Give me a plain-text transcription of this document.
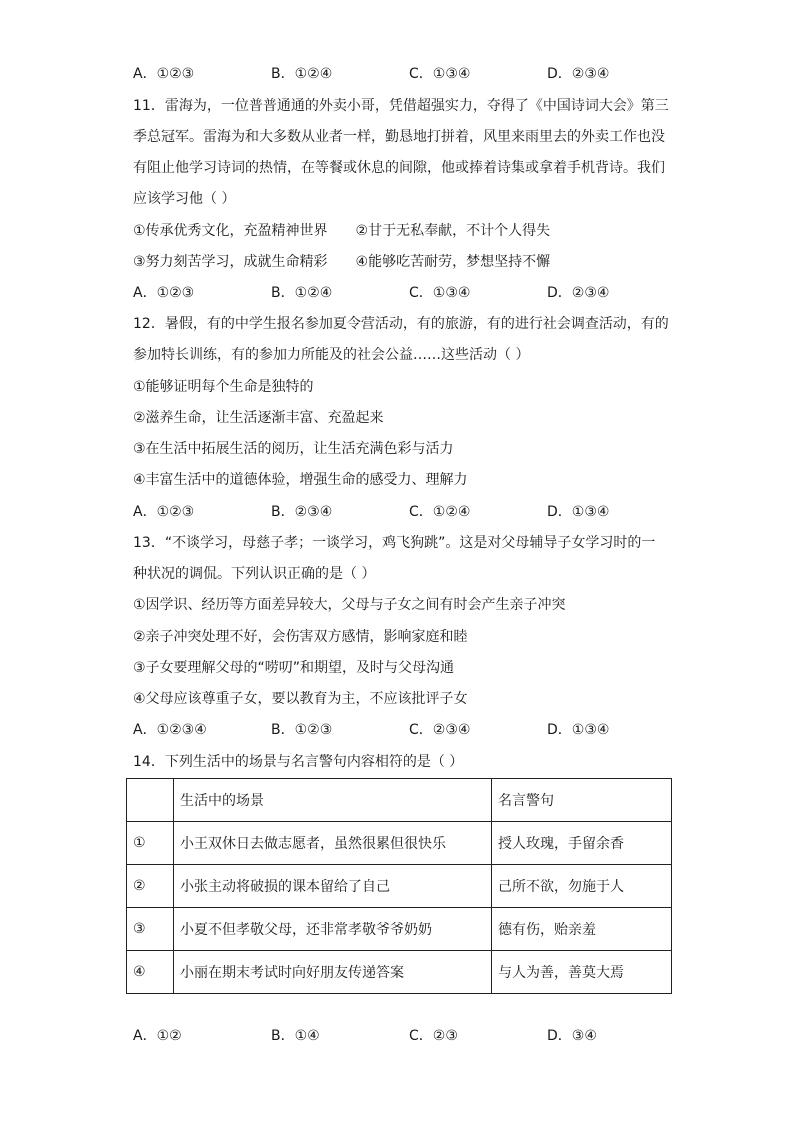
A．①②③	B．①②④	C．①③④	D．②③④
11．雷海为，一位普普通通的外卖小哥，凭借超强实力，夺得了《中国诗词大会》第三
季总冠军。雷海为和大多数从业者一样，勤恳地打拼着，风里来雨里去的外卖工作也没
有阻止他学习诗词的热情，在等餐或休息的间隙，他或捧着诗集或拿着手机背诗。我们
应该学习他（ ）
①传承优秀文化，充盈精神世界　　②甘于无私奉献，不计个人得失
③努力刻苦学习，成就生命精彩　　④能够吃苦耐劳，梦想坚持不懈
A．①②③	B．①②④	C．①③④	D．②③④
12．暑假，有的中学生报名参加夏令营活动，有的旅游，有的进行社会调查活动，有的
参加特长训练，有的参加力所能及的社会公益……这些活动（ ）
①能够证明每个生命是独特的
②滋养生命，让生活逐渐丰富、充盈起来
③在生活中拓展生活的阅历，让生活充满色彩与活力
④丰富生活中的道德体验，增强生命的感受力、理解力
A．①②③	B．②③④	C．①②④	D．①③④
13．“不谈学习，母慈子孝；一谈学习，鸡飞狗跳”。这是对父母辅导子女学习时的一
种状况的调侃。下列认识正确的是（ ）
①因学识、经历等方面差异较大，父母与子女之间有时会产生亲子冲突
②亲子冲突处理不好，会伤害双方感情，影响家庭和睦
③子女要理解父母的“唠叨”和期望，及时与父母沟通
④父母应该尊重子女，要以教育为主，不应该批评子女
A．①②③④	B．①②③	C．②③④	D．①③④
14．下列生活中的场景与名言警句内容相符的是（ ）
	生活中的场景	名言警句
①	小王双休日去做志愿者，虽然很累但很快乐	授人玫瑰，手留余香
②	小张主动将破损的课本留给了自己	己所不欲，勿施于人
③	小夏不但孝敬父母，还非常孝敬爷爷奶奶	德有伤，贻亲羞
④	小丽在期末考试时向好朋友传递答案	与人为善，善莫大焉
A．①②	B．①④	C．②③	D．③④
